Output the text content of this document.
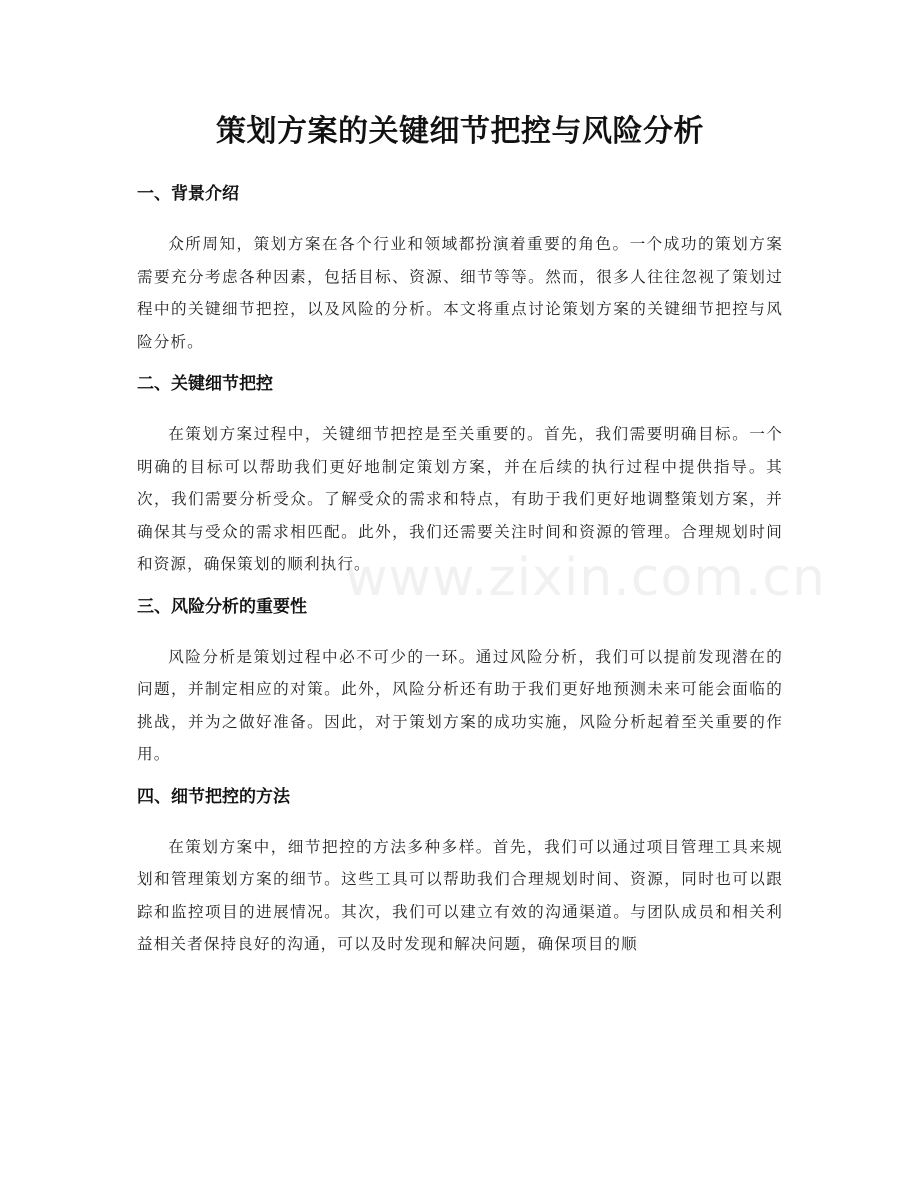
策划方案的关键细节把控与风险分析
一、背景介绍

众所周知，策划方案在各个行业和领域都扮演着重要的角色。一个成功的策划方案需要充分考虑各种因素，包括目标、资源、细节等等。然而，很多人往往忽视了策划过程中的关键细节把控，以及风险的分析。本文将重点讨论策划方案的关键细节把控与风险分析。

二、关键细节把控

在策划方案过程中，关键细节把控是至关重要的。首先，我们需要明确目标。一个明确的目标可以帮助我们更好地制定策划方案，并在后续的执行过程中提供指导。其次，我们需要分析受众。了解受众的需求和特点，有助于我们更好地调整策划方案，并确保其与受众的需求相匹配。此外，我们还需要关注时间和资源的管理。合理规划时间和资源，确保策划的顺利执行。

三、风险分析的重要性

风险分析是策划过程中必不可少的一环。通过风险分析，我们可以提前发现潜在的问题，并制定相应的对策。此外，风险分析还有助于我们更好地预测未来可能会面临的挑战，并为之做好准备。因此，对于策划方案的成功实施，风险分析起着至关重要的作用。

四、细节把控的方法

在策划方案中，细节把控的方法多种多样。首先，我们可以通过项目管理工具来规划和管理策划方案的细节。这些工具可以帮助我们合理规划时间、资源，同时也可以跟踪和监控项目的进展情况。其次，我们可以建立有效的沟通渠道。与团队成员和相关利益相关者保持良好的沟通，可以及时发现和解决问题，确保项目的顺

www.zixin.com.cn
